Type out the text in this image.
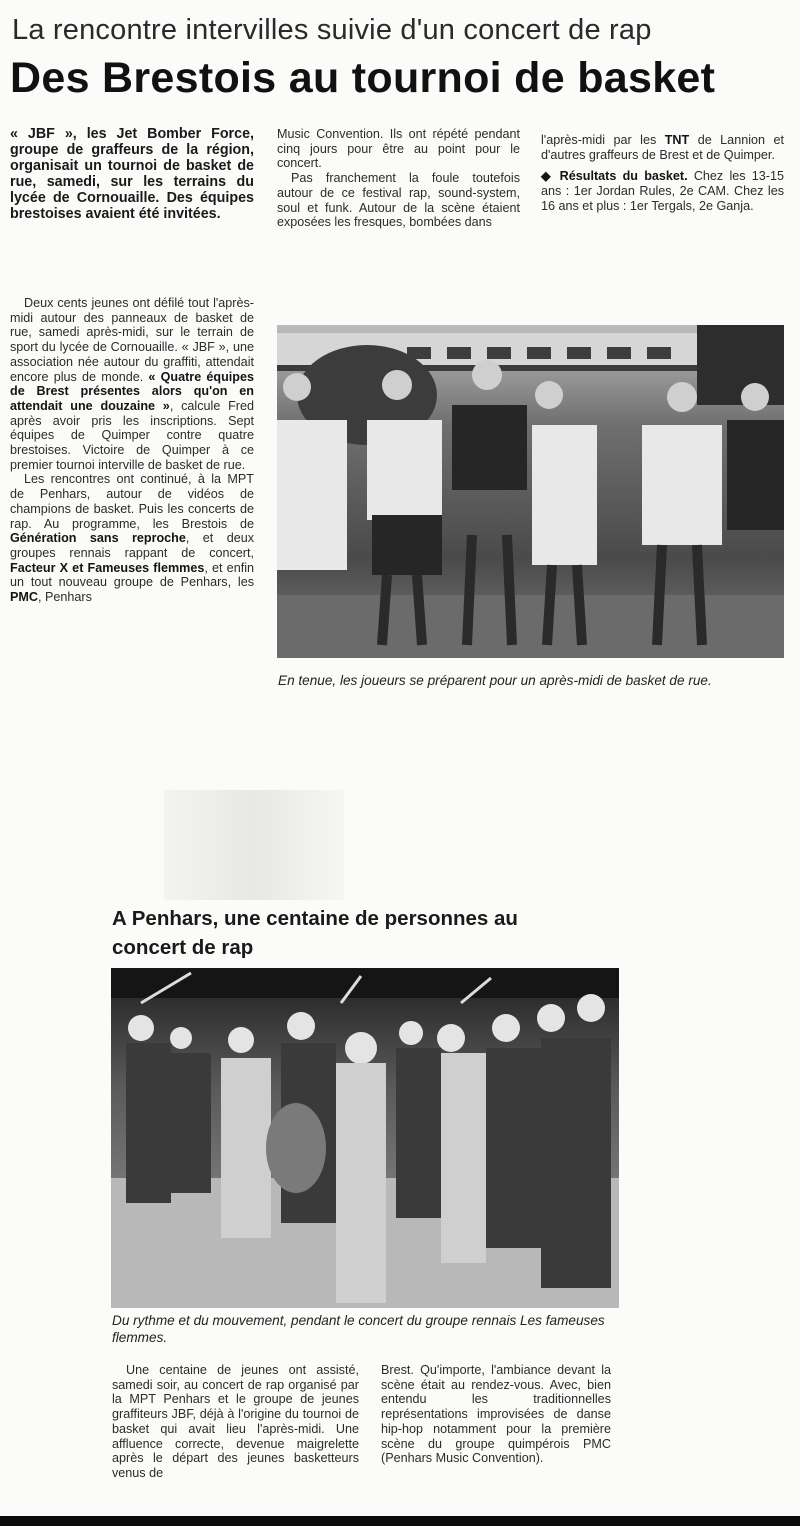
La rencontre intervilles suivie d'un concert de rap
Des Brestois au tournoi de basket
« JBF », les Jet Bomber Force, groupe de graffeurs de la région, organisait un tournoi de basket de rue, samedi, sur les terrains du lycée de Cornouaille. Des équipes brestoises avaient été invitées.

Deux cents jeunes ont défilé tout l'après-midi autour des panneaux de basket de rue, samedi après-midi, sur le terrain de sport du lycée de Cornouaille. « JBF », une association née autour du graffiti, attendait encore plus de monde. « Quatre équipes de Brest présentes alors qu'on en attendait une douzaine », calcule Fred après avoir pris les inscriptions. Sept équipes de Quimper contre quatre brestoises. Victoire de Quimper à ce premier tournoi interville de basket de rue.

Les rencontres ont continué, à la MPT de Penhars, autour de vidéos de champions de basket. Puis les concerts de rap. Au programme, les Brestois de Génération sans reproche, et deux groupes rennais rappant de concert, Facteur X et Fameuses flemmes, et enfin un tout nouveau groupe de Penhars, les PMC, Penhars

Music Convention. Ils ont répété pendant cinq jours pour être au point pour le concert.

Pas franchement la foule toutefois autour de ce festival rap, sound-system, soul et funk. Autour de la scène étaient exposées les fresques, bombées dans

l'après-midi par les TNT de Lannion et d'autres graffeurs de Brest et de Quimper.

◆ Résultats du basket. Chez les 13-15 ans : 1er Jordan Rules, 2e CAM. Chez les 16 ans et plus : 1er Tergals, 2e Ganja.

En tenue, les joueurs se préparent pour un après-midi de basket de rue.
A Penhars, une centaine de personnes au concert de rap
Du rythme et du mouvement, pendant le concert du groupe rennais Les fameuses flemmes.

Une centaine de jeunes ont assisté, samedi soir, au concert de rap organisé par la MPT Penhars et le groupe de jeunes graffiteurs JBF, déjà à l'origine du tournoi de basket qui avait lieu l'après-midi. Une affluence correcte, devenue maigrelette après le départ des jeunes basketteurs venus de

Brest. Qu'importe, l'ambiance devant la scène était au rendez-vous. Avec, bien entendu les traditionnelles représentations improvisées de danse hip-hop notamment pour la première scène du groupe quimpérois PMC (Penhars Music Convention).
